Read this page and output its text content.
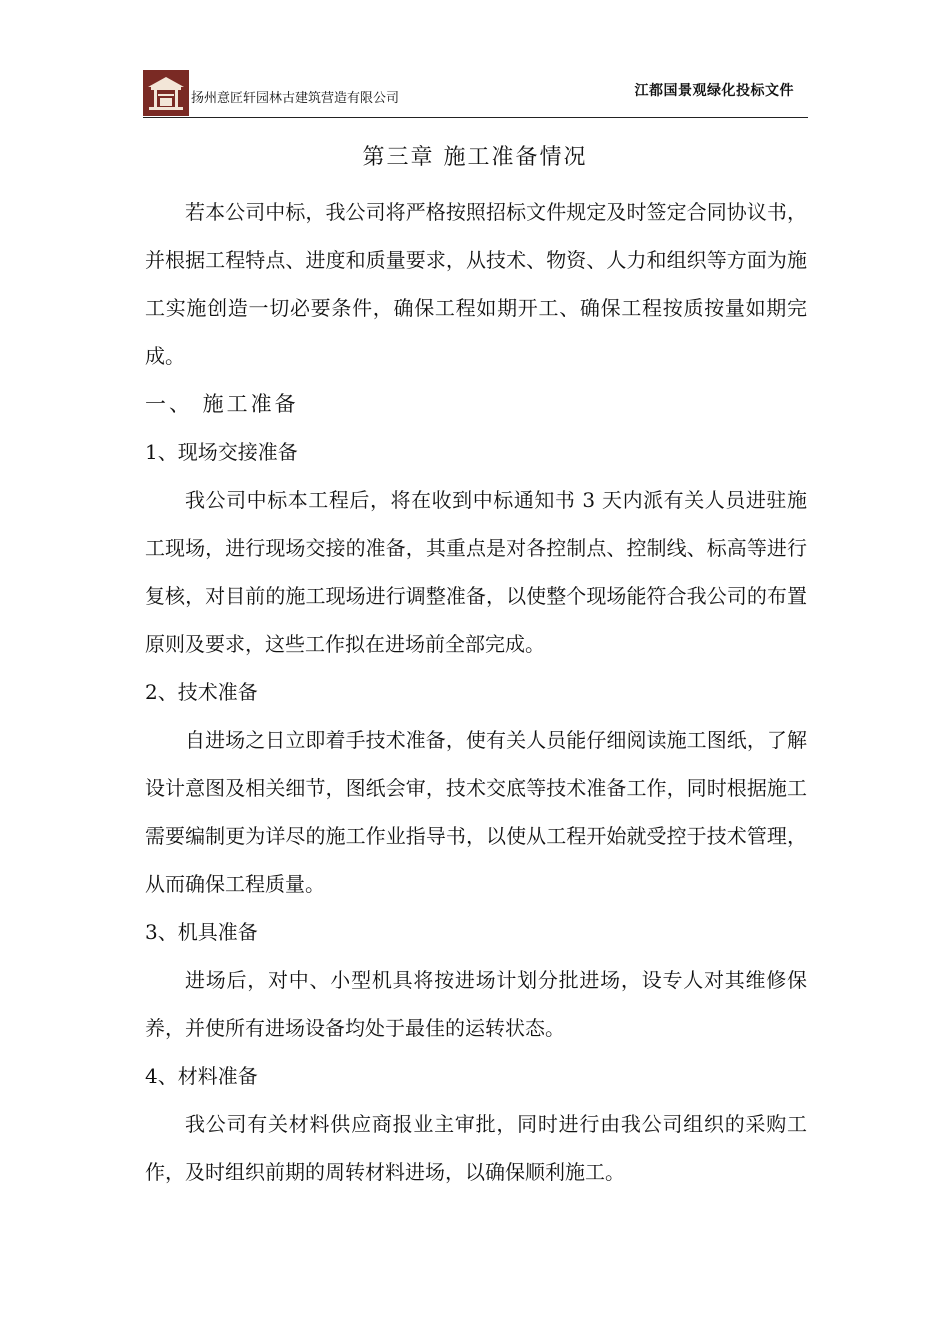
扬州意匠轩园林古建筑营造有限公司	江都国景观绿化投标文件
第三章 施工准备情况

若本公司中标，我公司将严格按照招标文件规定及时签定合同协议书，并根据工程特点、进度和质量要求，从技术、物资、人力和组织等方面为施工实施创造一切必要条件，确保工程如期开工、确保工程按质按量如期完成。

一、 施工准备
1、现场交接准备

我公司中标本工程后，将在收到中标通知书 3 天内派有关人员进驻施工现场，进行现场交接的准备，其重点是对各控制点、控制线、标高等进行复核，对目前的施工现场进行调整准备，以使整个现场能符合我公司的布置原则及要求，这些工作拟在进场前全部完成。

2、技术准备

自进场之日立即着手技术准备，使有关人员能仔细阅读施工图纸，了解设计意图及相关细节，图纸会审，技术交底等技术准备工作，同时根据施工需要编制更为详尽的施工作业指导书，以使从工程开始就受控于技术管理，从而确保工程质量。

3、机具准备

进场后，对中、小型机具将按进场计划分批进场，设专人对其维修保养，并使所有进场设备均处于最佳的运转状态。

4、材料准备

我公司有关材料供应商报业主审批，同时进行由我公司组织的采购工作，及时组织前期的周转材料进场，以确保顺利施工。
